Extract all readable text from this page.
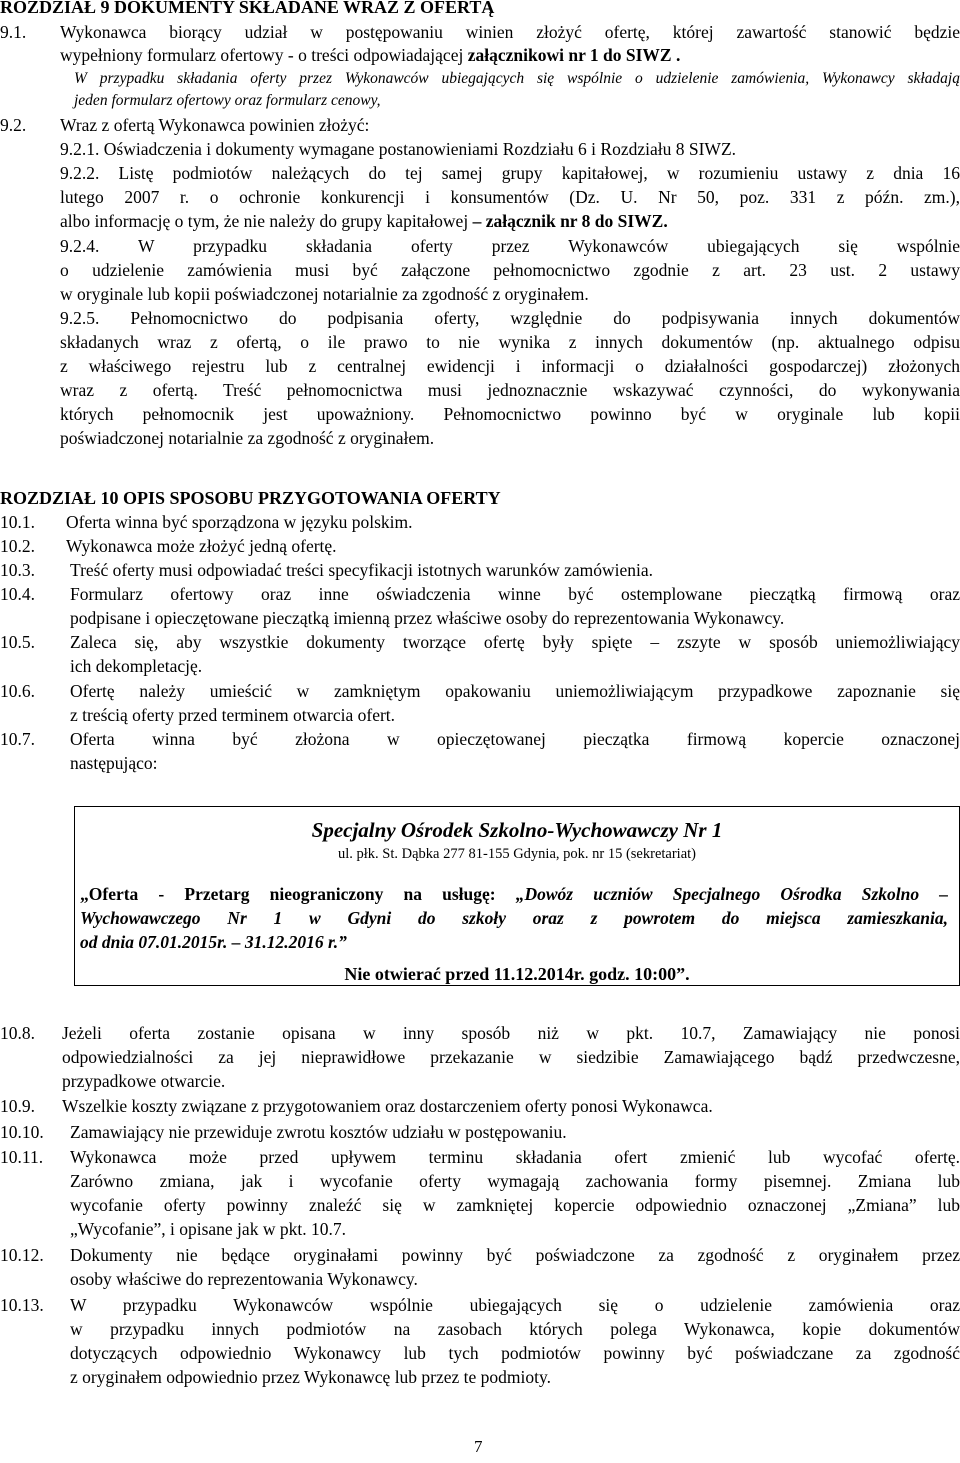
ROZDZIAŁ 9 DOKUMENTY SKŁADANE WRAZ Z OFERTĄ
9.1. Wykonawca biorący udział w postępowaniu winien złożyć ofertę, której zawartość stanowić będzie
wypełniony formularz ofertowy - o treści odpowiadającej załącznikowi nr 1 do SIWZ .
W przypadku składania oferty przez Wykonawców ubiegających się wspólnie o udzielenie zamówienia, Wykonawcy składają
jeden formularz ofertowy oraz formularz cenowy,
9.2. Wraz z ofertą Wykonawca powinien złożyć:
9.2.1. Oświadczenia i dokumenty wymagane postanowieniami Rozdziału 6 i Rozdziału 8 SIWZ.
9.2.2. Listę podmiotów należących do tej samej grupy kapitałowej, w rozumieniu ustawy z dnia 16
lutego 2007 r. o ochronie konkurencji i konsumentów (Dz. U. Nr 50, poz. 331 z późn. zm.),
albo informację o tym, że nie należy do grupy kapitałowej – załącznik nr 8 do SIWZ.
9.2.4. W przypadku składania oferty przez Wykonawców ubiegających się wspólnie
o udzielenie zamówienia musi być załączone pełnomocnictwo zgodnie z art. 23 ust. 2 ustawy
w oryginale lub kopii poświadczonej notarialnie za zgodność z oryginałem.
9.2.5. Pełnomocnictwo do podpisania oferty, względnie do podpisywania innych dokumentów
składanych wraz z ofertą, o ile prawo to nie wynika z innych dokumentów (np. aktualnego odpisu
z właściwego rejestru lub z centralnej ewidencji i informacji o działalności gospodarczej) złożonych
wraz z ofertą. Treść pełnomocnictwa musi jednoznacznie wskazywać czynności, do wykonywania
których pełnomocnik jest upoważniony. Pełnomocnictwo powinno być w oryginale lub kopii
poświadczonej notarialnie za zgodność z oryginałem.
ROZDZIAŁ 10 OPIS SPOSOBU PRZYGOTOWANIA OFERTY
10.1. Oferta winna być sporządzona w języku polskim.
10.2. Wykonawca może złożyć jedną ofertę.
10.3. Treść oferty musi odpowiadać treści specyfikacji istotnych warunków zamówienia.
10.4. Formularz ofertowy oraz inne oświadczenia winne być ostemplowane pieczątką firmową oraz
podpisane i opieczętowane pieczątką imienną przez właściwe osoby do reprezentowania Wykonawcy.
10.5. Zaleca się, aby wszystkie dokumenty tworzące ofertę były spięte – zszyte w sposób uniemożliwiający
ich dekompletację.
10.6. Ofertę należy umieścić w zamkniętym opakowaniu uniemożliwiającym przypadkowe zapoznanie się
z treścią oferty przed terminem otwarcia ofert.
10.7. Oferta winna być złożona w opieczętowanej pieczątka firmową kopercie oznaczonej
następująco:
Specjalny Ośrodek Szkolno-Wychowawczy Nr 1
ul. płk. St. Dąbka 277 81-155 Gdynia, pok. nr 15 (sekretariat)
„Oferta - Przetarg nieograniczony na usługę: „Dowóz uczniów Specjalnego Ośrodka Szkolno –
Wychowawczego Nr 1 w Gdyni do szkoły oraz z powrotem do miejsca zamieszkania,
od dnia 07.01.2015r. – 31.12.2016 r.”
Nie otwierać przed 11.12.2014r. godz. 10:00”.
10.8. Jeżeli oferta zostanie opisana w inny sposób niż w pkt. 10.7, Zamawiający nie ponosi
odpowiedzialności za jej nieprawidłowe przekazanie w siedzibie Zamawiającego bądź przedwczesne,
przypadkowe otwarcie.
10.9. Wszelkie koszty związane z przygotowaniem oraz dostarczeniem oferty ponosi Wykonawca.
10.10. Zamawiający nie przewiduje zwrotu kosztów udziału w postępowaniu.
10.11. Wykonawca może przed upływem terminu składania ofert zmienić lub wycofać ofertę.
Zarówno zmiana, jak i wycofanie oferty wymagają zachowania formy pisemnej. Zmiana lub
wycofanie oferty powinny znaleźć się w zamkniętej kopercie odpowiednio oznaczonej „Zmiana” lub
„Wycofanie”, i opisane jak w pkt. 10.7.
10.12. Dokumenty nie będące oryginałami powinny być poświadczone za zgodność z oryginałem przez
osoby właściwe do reprezentowania Wykonawcy.
10.13. W przypadku Wykonawców wspólnie ubiegających się o udzielenie zamówienia oraz
w przypadku innych podmiotów na zasobach których polega Wykonawca, kopie dokumentów
dotyczących odpowiednio Wykonawcy lub tych podmiotów powinny być poświadczane za zgodność
z oryginałem odpowiednio przez Wykonawcę lub przez te podmioty.
7
